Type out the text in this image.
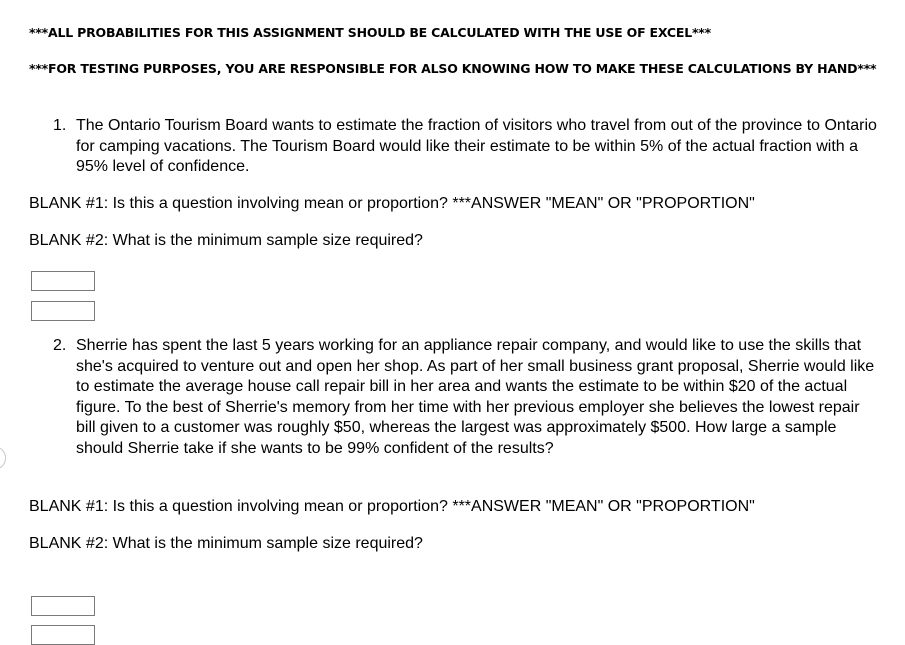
***ALL PROBABILITIES FOR THIS ASSIGNMENT SHOULD BE CALCULATED WITH THE USE OF EXCEL***
***FOR TESTING PURPOSES, YOU ARE RESPONSIBLE FOR ALSO KNOWING HOW TO MAKE THESE CALCULATIONS BY HAND***
1. The Ontario Tourism Board wants to estimate the fraction of visitors who travel from out of the province to Ontario for camping vacations. The Tourism Board would like their estimate to be within 5% of the actual fraction with a 95% level of confidence.
BLANK #1: Is this a question involving mean or proportion? ***ANSWER "MEAN" OR "PROPORTION"
BLANK #2: What is the minimum sample size required?
2. Sherrie has spent the last 5 years working for an appliance repair company, and would like to use the skills that she's acquired to venture out and open her shop. As part of her small business grant proposal, Sherrie would like to estimate the average house call repair bill in her area and wants the estimate to be within $20 of the actual figure. To the best of Sherrie's memory from her time with her previous employer she believes the lowest repair bill given to a customer was roughly $50, whereas the largest was approximately $500. How large a sample should Sherrie take if she wants to be 99% confident of the results?
BLANK #1: Is this a question involving mean or proportion? ***ANSWER "MEAN" OR "PROPORTION"
BLANK #2: What is the minimum sample size required?
